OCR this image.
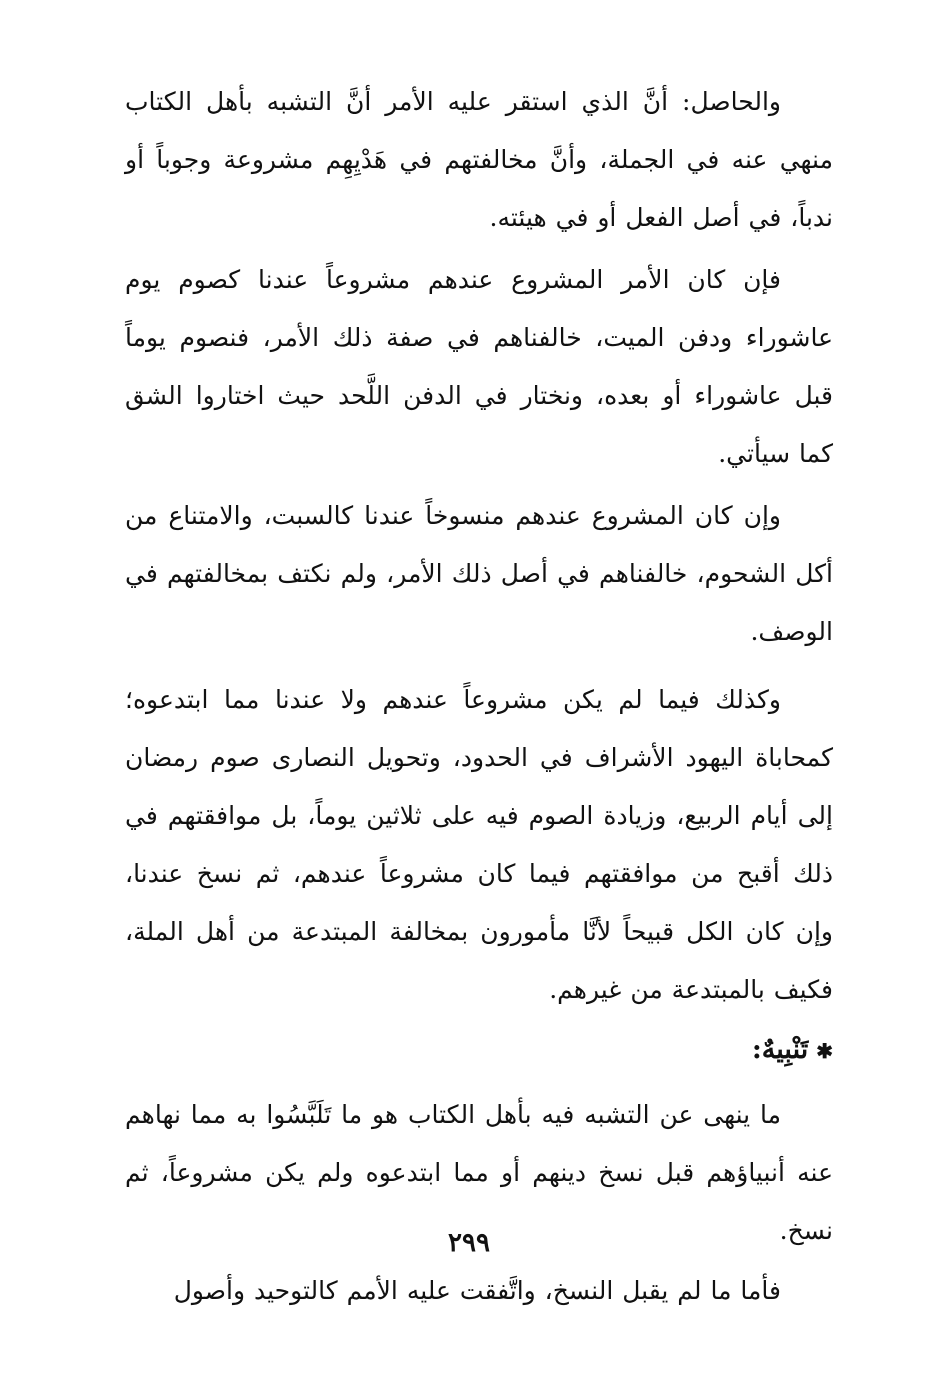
والحاصل: أنَّ الذي استقر عليه الأمر أنَّ التشبه بأهل الكتاب منهي عنه في الجملة، وأنَّ مخالفتهم في هَدْيِهِم مشروعة وجوباً أو ندباً، في أصل الفعل أو في هيئته.

فإن كان الأمر المشروع عندهم مشروعاً عندنا كصوم يوم عاشوراء ودفن الميت، خالفناهم في صفة ذلك الأمر، فنصوم يوماً قبل عاشوراء أو بعده، ونختار في الدفن اللَّحد حيث اختاروا الشق كما سيأتي.

وإن كان المشروع عندهم منسوخاً عندنا كالسبت، والامتناع من أكل الشحوم، خالفناهم في أصل ذلك الأمر، ولم نكتف بمخالفتهم في الوصف.

وكذلك فيما لم يكن مشروعاً عندهم ولا عندنا مما ابتدعوه؛ كمحاباة اليهود الأشراف في الحدود، وتحويل النصارى صوم رمضان إلى أيام الربيع، وزيادة الصوم فيه على ثلاثين يوماً، بل موافقتهم في ذلك أقبح من موافقتهم فيما كان مشروعاً عندهم، ثم نسخ عندنا، وإن كان الكل قبيحاً لأنَّا مأمورون بمخالفة المبتدعة من أهل الملة، فكيف بالمبتدعة من غيرهم.

✱تَنْبِيهٌ:

ما ينهى عن التشبه فيه بأهل الكتاب هو ما تَلَبَّسُوا به مما نهاهم عنه أنبياؤهم قبل نسخ دينهم أو مما ابتدعوه ولم يكن مشروعاً، ثم نسخ.

فأما ما لم يقبل النسخ، واتَّفقت عليه الأمم كالتوحيد وأصول

٢٩٩
